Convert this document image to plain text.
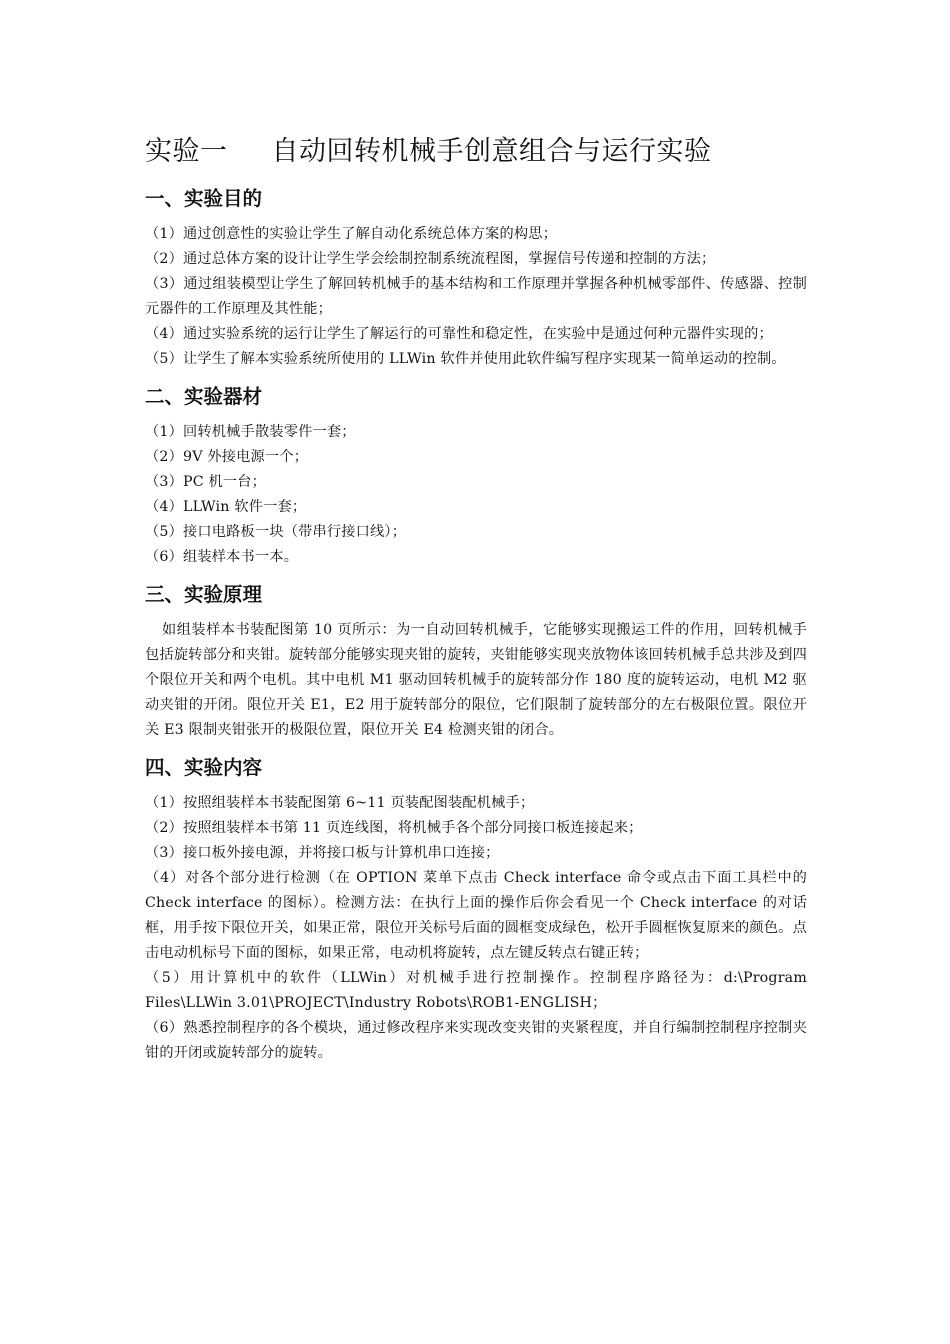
实验一 自动回转机械手创意组合与运行实验
一、实验目的
（1）通过创意性的实验让学生了解自动化系统总体方案的构思；
（2）通过总体方案的设计让学生学会绘制控制系统流程图，掌握信号传递和控制的方法；
（3）通过组装模型让学生了解回转机械手的基本结构和工作原理并掌握各种机械零部件、传感器、控制元器件的工作原理及其性能；
（4）通过实验系统的运行让学生了解运行的可靠性和稳定性，在实验中是通过何种元器件实现的；
（5）让学生了解本实验系统所使用的 LLWin 软件并使用此软件编写程序实现某一简单运动的控制。
二、实验器材
（1）回转机械手散装零件一套；
（2）9V 外接电源一个；
（3）PC 机一台；
（4）LLWin 软件一套；
（5）接口电路板一块（带串行接口线）；
（6）组装样本书一本。
三、实验原理

如组装样本书装配图第 10 页所示：为一自动回转机械手，它能够实现搬运工件的作用，回转机械手包括旋转部分和夹钳。旋转部分能够实现夹钳的旋转，夹钳能够实现夹放物体该回转机械手总共涉及到四个限位开关和两个电机。其中电机 M1 驱动回转机械手的旋转部分作 180 度的旋转运动，电机 M2 驱动夹钳的开闭。限位开关 E1，E2 用于旋转部分的限位，它们限制了旋转部分的左右极限位置。限位开关 E3 限制夹钳张开的极限位置，限位开关 E4 检测夹钳的闭合。

四、实验内容
（1）按照组装样本书装配图第 6~11 页装配图装配机械手；
（2）按照组装样本书第 11 页连线图，将机械手各个部分同接口板连接起来；
（3）接口板外接电源，并将接口板与计算机串口连接；
（4）对各个部分进行检测（在 OPTION 菜单下点击 Check interface 命令或点击下面工具栏中的 Check interface 的图标）。检测方法：在执行上面的操作后你会看见一个 Check interface 的对话框，用手按下限位开关，如果正常，限位开关标号后面的圆框变成绿色，松开手圆框恢复原来的颜色。点击电动机标号下面的图标，如果正常，电动机将旋转，点左键反转点右键正转；
（5）用计算机中的软件（LLWin）对机械手进行控制操作。控制程序路径为：d:\Program Files\LLWin 3.01\PROJECT\Industry Robots\ROB1-ENGLISH；
（6）熟悉控制程序的各个模块，通过修改程序来实现改变夹钳的夹紧程度，并自行编制控制程序控制夹钳的开闭或旋转部分的旋转。
